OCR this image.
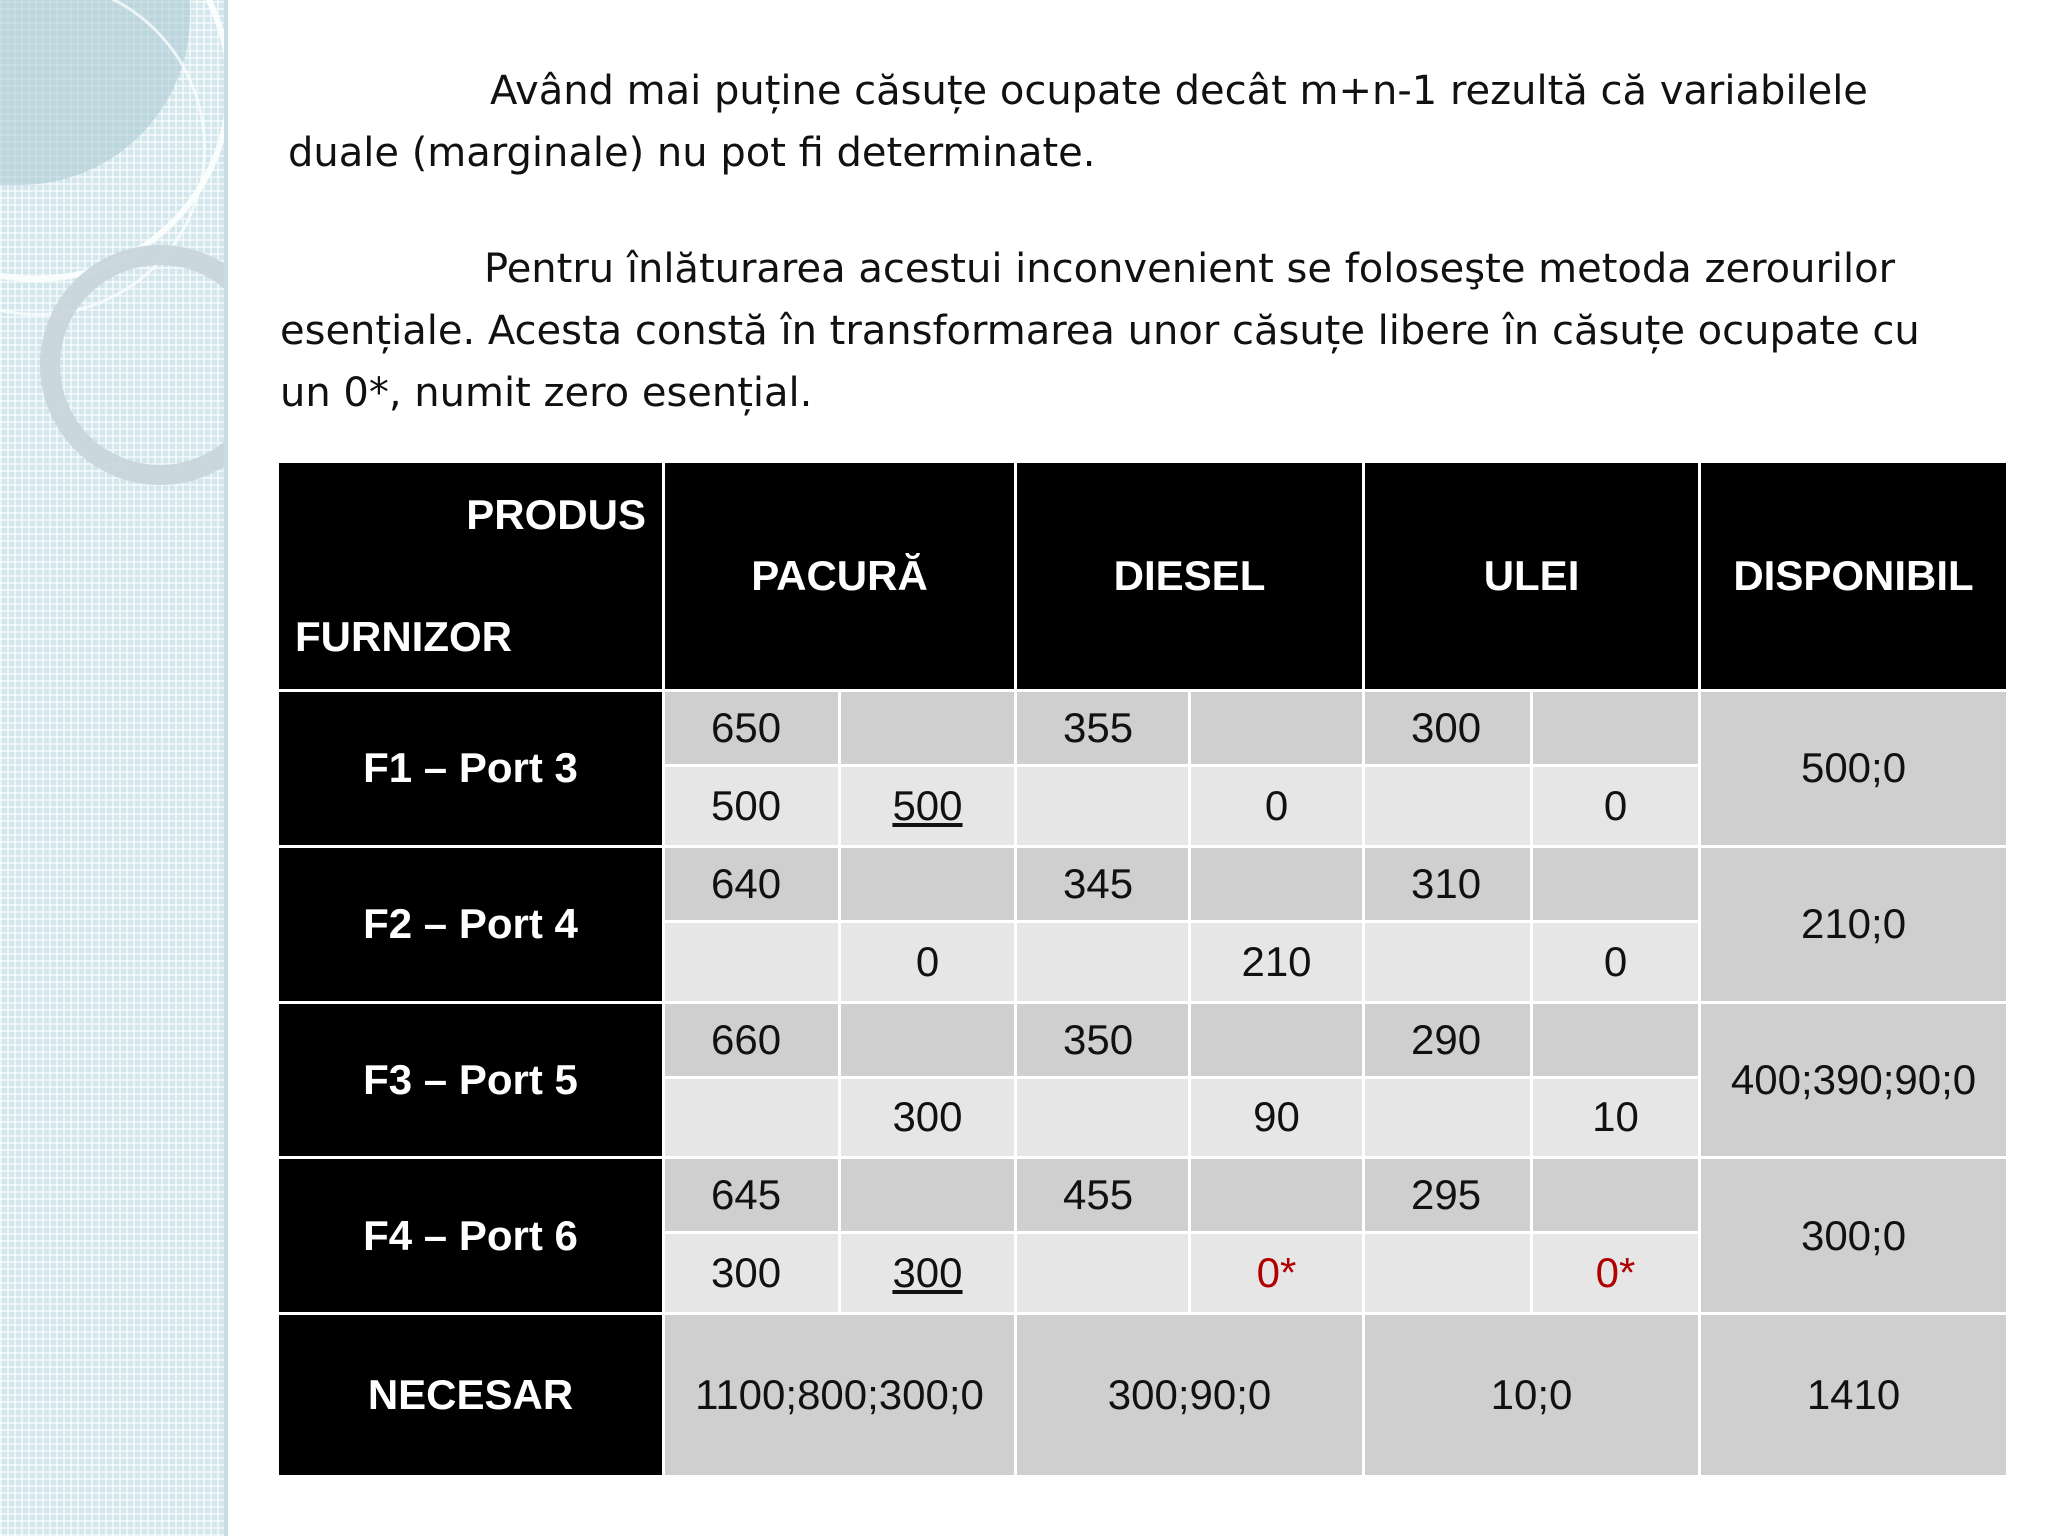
Având mai puține căsuțe ocupate decât m+n-1 rezultă că variabilele
duale (marginale) nu pot fi determinate.
Pentru înlăturarea acestui inconvenient se foloseşte metoda zerourilor
esențiale. Acesta constă în transformarea unor căsuțe libere în căsuțe ocupate cu
un 0*, numit zero esențial.
PRODUS
FURNIZOR	PACURĂ		DIESEL		ULEI		DISPONIBIL
F1 – Port 3	650		355		300		500;0
	500	500		0		0	
F2 – Port 4	640		345		310		210;0
		0		210		0	
F3 – Port 5	660		350		290		400;390;90;0
		300		90		10	
F4 – Port 6	645		455		295		300;0
	300	300		0*		0*	
NECESAR	1100;800;300;0		300;90;0		10;0		1410
